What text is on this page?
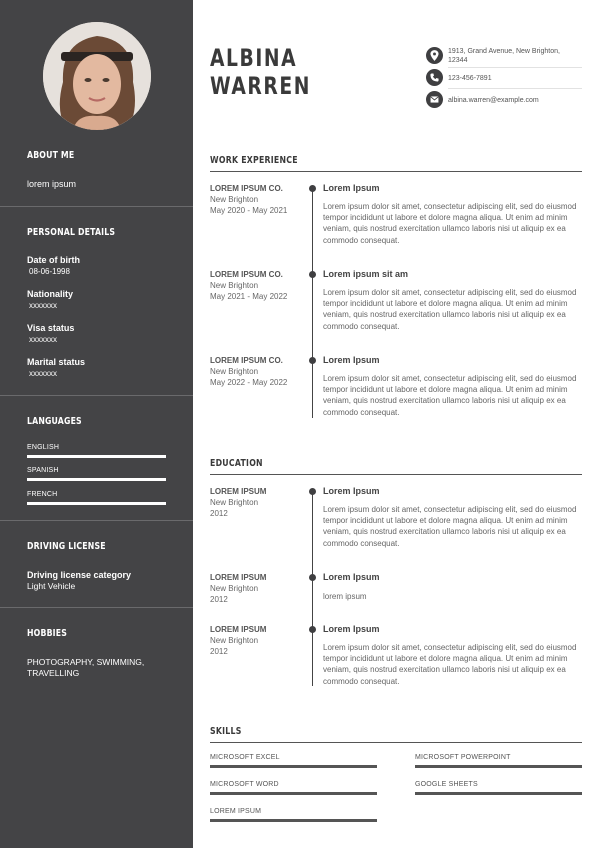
ABOUT ME
lorem ipsum
PERSONAL DETAILS
Date of birth
08-06-1998
Nationality
xxxxxxx
Visa status
xxxxxxx
Marital status
xxxxxxx
LANGUAGES
ENGLISH
SPANISH
FRENCH
DRIVING LICENSE
Driving license category
Light Vehicle
HOBBIES
PHOTOGRAPHY, SWIMMING,
TRAVELLING
ALBINA
WARREN
1913, Grand Avenue, New Brighton,
12344
123-456-7891
albina.warren@example.com
WORK EXPERIENCE
LOREM IPSUM CO.
New Brighton
May 2020 - May 2021
Lorem Ipsum
Lorem ipsum dolor sit amet, consectetur adipiscing elit, sed do eiusmod tempor incididunt ut labore et dolore magna aliqua. Ut enim ad minim veniam, quis nostrud exercitation ullamco laboris nisi ut aliquip ex ea commodo consequat.
LOREM IPSUM CO.
New Brighton
May 2021 - May 2022
Lorem ipsum sit am
Lorem ipsum dolor sit amet, consectetur adipiscing elit, sed do eiusmod tempor incididunt ut labore et dolore magna aliqua. Ut enim ad minim veniam, quis nostrud exercitation ullamco laboris nisi ut aliquip ex ea commodo consequat.
LOREM IPSUM CO.
New Brighton
May 2022 - May 2022
Lorem Ipsum
Lorem ipsum dolor sit amet, consectetur adipiscing elit, sed do eiusmod tempor incididunt ut labore et dolore magna aliqua. Ut enim ad minim veniam, quis nostrud exercitation ullamco laboris nisi ut aliquip ex ea commodo consequat.
EDUCATION
LOREM IPSUM
New Brighton
2012
Lorem Ipsum
Lorem ipsum dolor sit amet, consectetur adipiscing elit, sed do eiusmod tempor incididunt ut labore et dolore magna aliqua. Ut enim ad minim veniam, quis nostrud exercitation ullamco laboris nisi ut aliquip ex ea commodo consequat.
LOREM IPSUM
New Brighton
2012
Lorem Ipsum
lorem ipsum
LOREM IPSUM
New Brighton
2012
Lorem Ipsum
Lorem ipsum dolor sit amet, consectetur adipiscing elit, sed do eiusmod tempor incididunt ut labore et dolore magna aliqua. Ut enim ad minim veniam, quis nostrud exercitation ullamco laboris nisi ut aliquip ex ea commodo consequat.
SKILLS
MICROSOFT EXCEL	MICROSOFT POWERPOINT
MICROSOFT WORD	GOOGLE SHEETS
LOREM IPSUM
